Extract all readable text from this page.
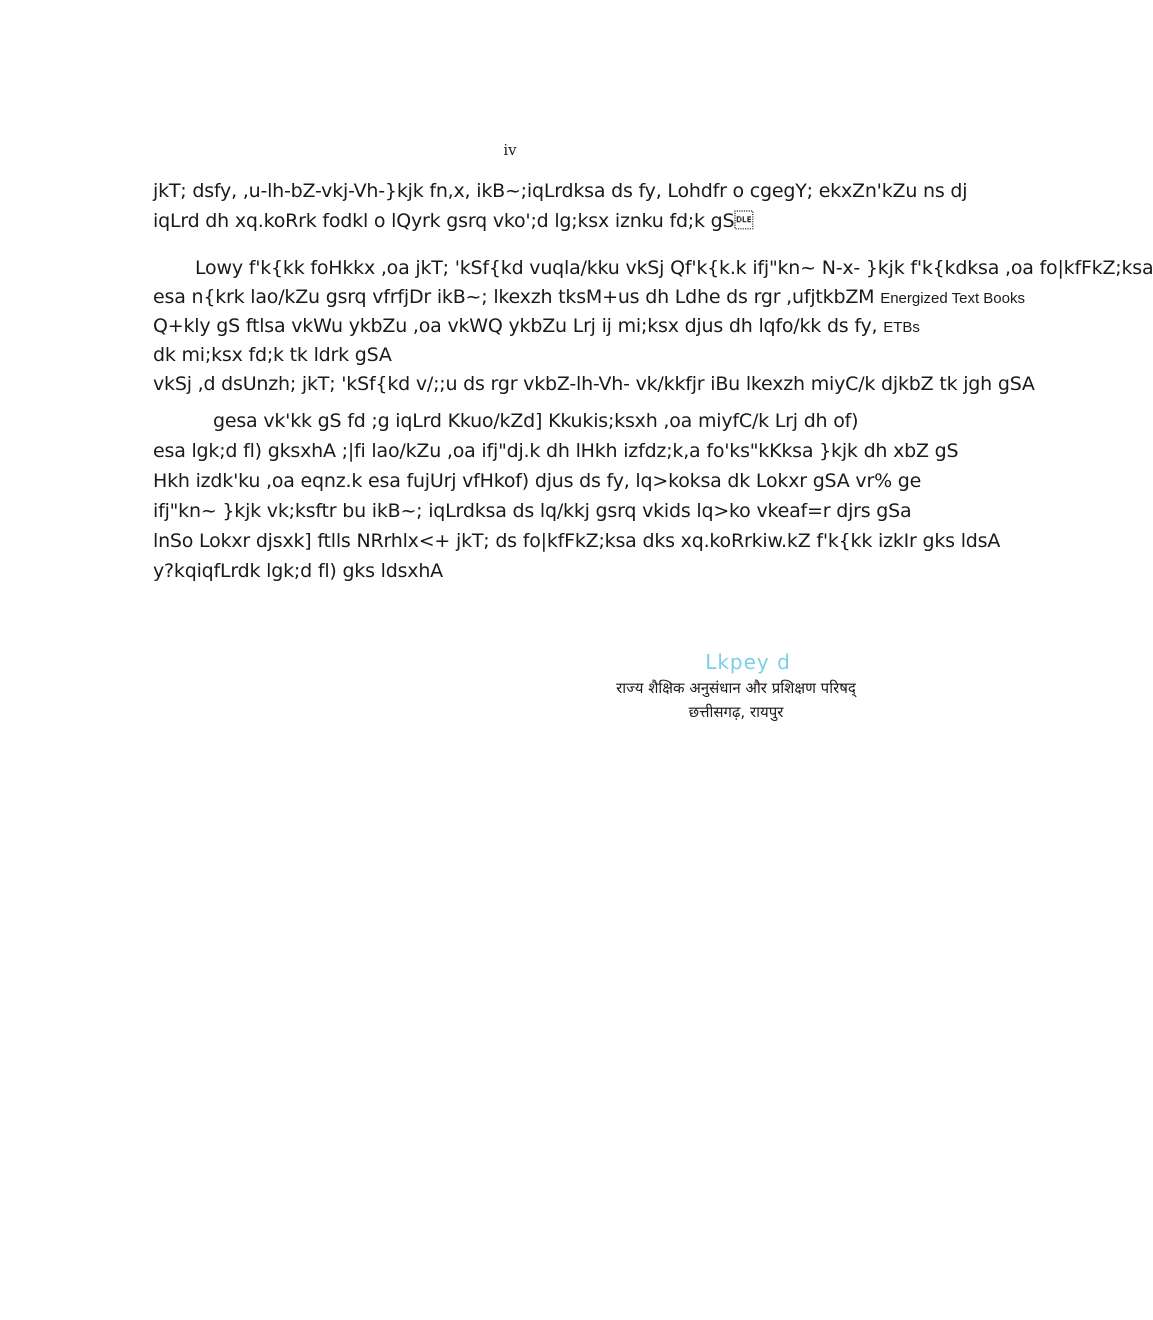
iv
jkT; dsfy, ,u-lh-bZ-vkj-Vh-}kjk fn,x, ikB~;iqLrdksa ds fy, Lohdfr o cgegY; ekxZn'kZu ns dj
iqLrd dh xq.koRrk fodkl o lQyrk gsrq vko';d lg;ksx iznku fd;k gS
Lowy f'k{kk foHkkx ,oa jkT; 'kSf{kd vuqla/kku vkSj Qf'k{k.k ifj"kn~ N-x- }kjk f'k{kdksa ,oa fo|kfFkZ;ksa
esa n{krk lao/kZu gsrq vfrfjDr ikB~; lkexzh tksM+us dh Ldhe ds rgr ,ufjtkbZM Energized Text Books
Q+kly gS ftlsa vkWu ykbZu ,oa vkWQ ykbZu Lrj ij mi;ksx djus dh lqfo/kk ds fy, ETBs
dk mi;ksx fd;k tk ldrk gSA
vkSj ,d dsUnzh; jkT; 'kSf{kd v/;;u ds rgr vkbZ-lh-Vh- vk/kkfjr iBu lkexzh miyC/k djkbZ tk jgh gSA
gesa vk'kk gS fd ;g iqLrd Kkuo/kZd] Kkukis;ksxh ,oa miyfC/k Lrj dh of)
esa lgk;d fl) gksxhA ;|fi lao/kZu ,oa ifj"dj.k dh lHkh izfdz;k,a fo'ks"kKksa }kjk dh xbZ gS
Hkh izdk'ku ,oa eqnz.k esa fujUrj vfHkof) djus ds fy, lq>koksa dk Lokxr gSA vr% ge
ifj"kn~ }kjk vk;ksftr bu ikB~; iqLrdksa ds lq/kkj gsrq vkids lq>ko vkeaf=r djrs gSa
lnSo Lokxr djsxk] ftlls NRrhlx<+ jkT; ds fo|kfFkZ;ksa dks xq.koRrkiw.kZ f'k{kk izkIr gks ldsA
y?kqiqfLrdk lgk;d fl) gks ldsxhA
Lkpey d
राज्य शैक्षिक अनुसंधान और प्रशिक्षण परिषद्
छत्तीसगढ़, रायपुर
